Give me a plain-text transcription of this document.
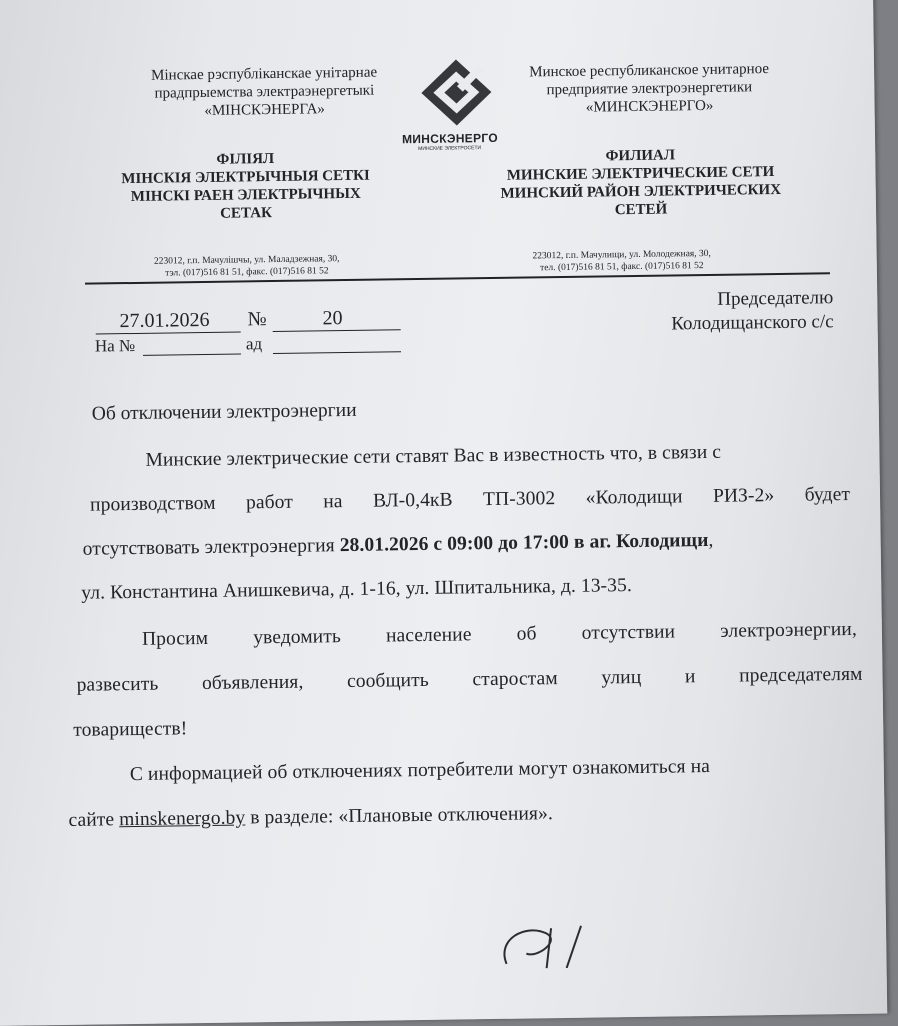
Мінскае рэспубліканскае унітарнае
прадпрыемства электраэнергетыкі
«МІНСКЭНЕРГА»
Минское республиканское унитарное
предприятие электроэнергетики
«МИНСКЭНЕРГО»
МИНСКЭНЕРГО
МИНСКИЕ ЭЛЕКТРОСЕТИ
ФІЛІЯЛ
МІНСКІЯ ЭЛЕКТРЫЧНЫЯ СЕТКІ
МІНСКІ РАЕН ЭЛЕКТРЫЧНЫХ
СЕТАК
ФИЛИАЛ
МИНСКИЕ ЭЛЕКТРИЧЕСКИЕ СЕТИ
МИНСКИЙ РАЙОН ЭЛЕКТРИЧЕСКИХ
СЕТЕЙ
223012, г.п. Мачулішчы, ул. Маладзежная, 30,
тэл. (017)516 81 51, факс. (017)516 81 52
223012, г.п. Мачулищи, ул. Молодежная, 30,
тел. (017)516 81 51, факс. (017)516 81 52
27.01.2026 №	20
На №	ад
Председателю
Колодищанского с/с
Об отключении электроэнергии
Минские электрические сети ставят Вас в известность что, в связи с
производством работ на ВЛ-0,4кВ ТП-3002 «Колодищи РИЗ-2» будет
отсутствовать электроэнергия 28.01.2026 с 09:00 до 17:00 в аг. Колодищи,
ул. Константина Анишкевича, д. 1-16, ул. Шпитальника, д. 13-35.
Просим уведомить население об отсутствии электроэнергии,
развесить объявления, сообщить старостам улиц и председателям
товариществ!
С информацией об отключениях потребители могут ознакомиться на
сайте minskenergo.by в разделе: «Плановые отключения».
